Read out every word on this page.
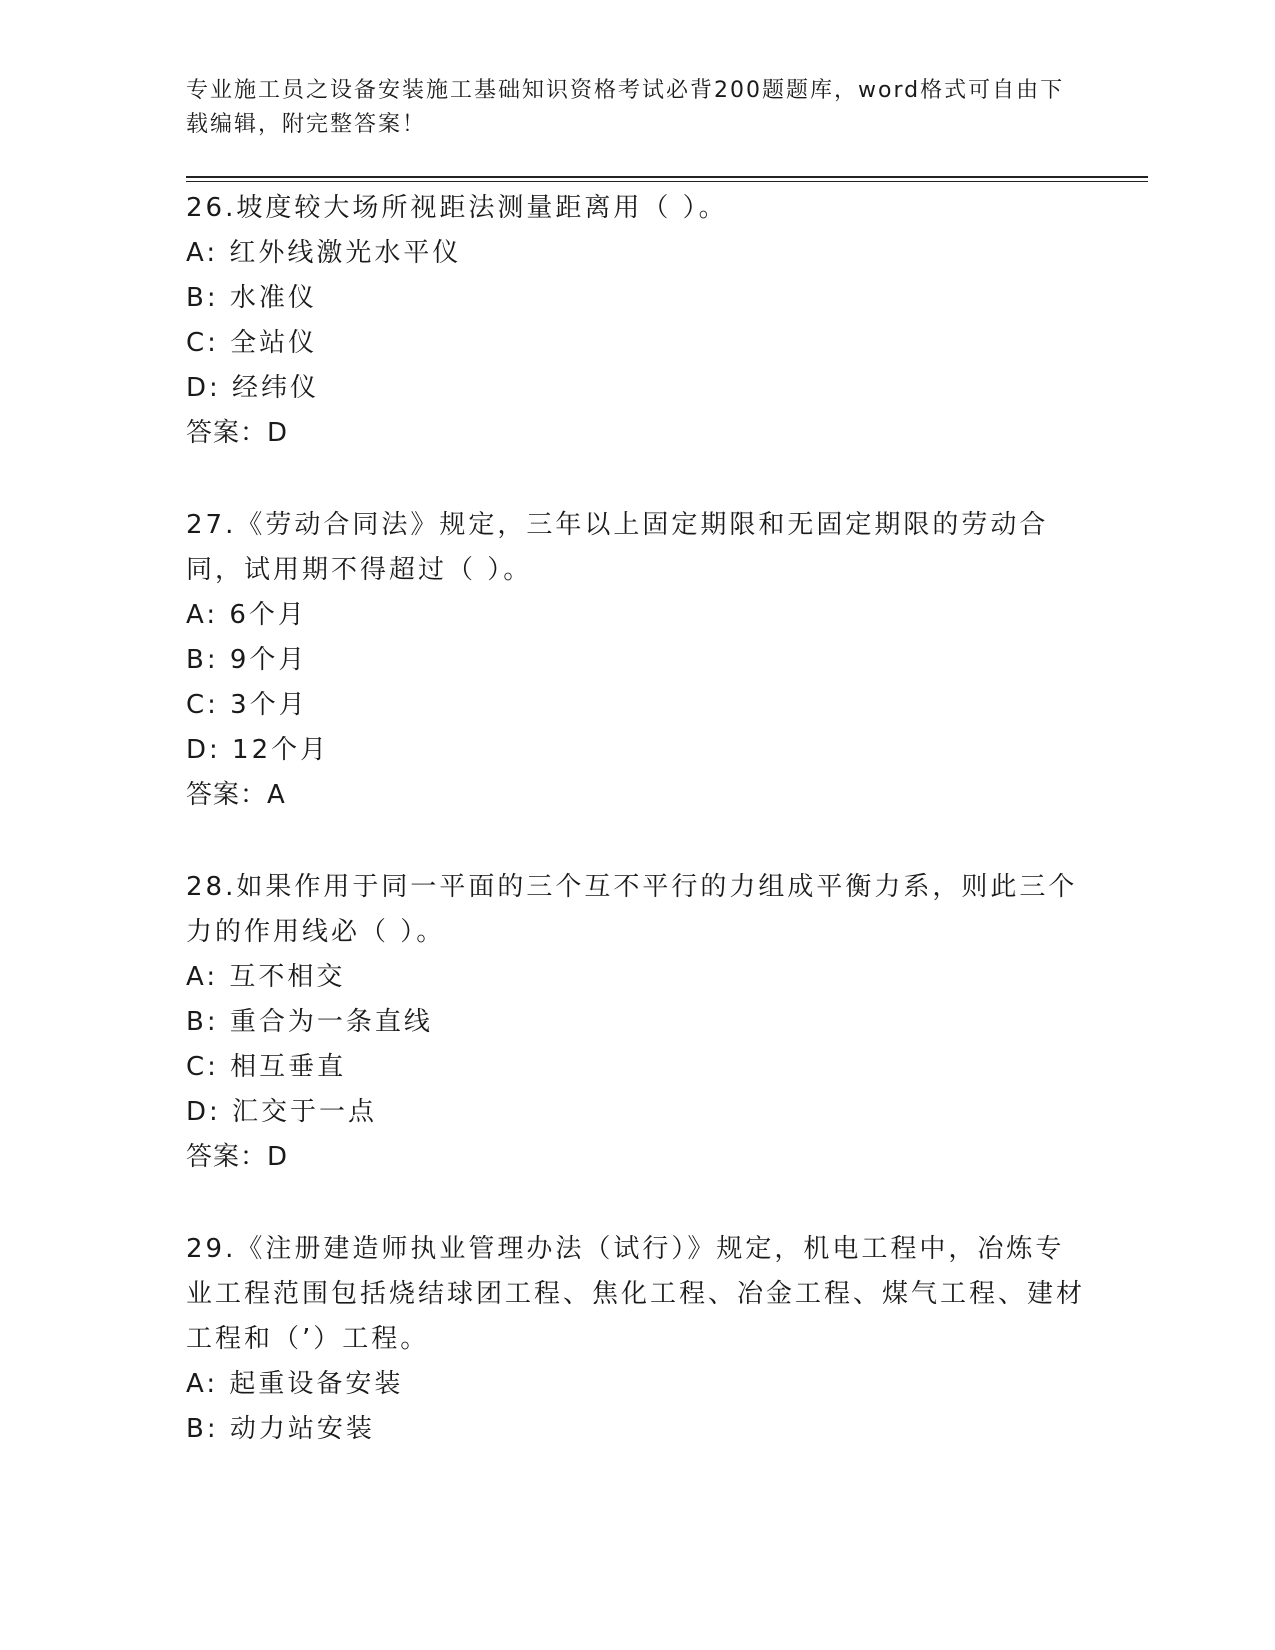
专业施工员之设备安装施工基础知识资格考试必背200题题库，word格式可自由下载编辑，附完整答案！
26.坡度较大场所视距法测量距离用（ ）。
A: 红外线激光水平仪
B: 水准仪
C: 全站仪
D: 经纬仪
答案：D
27.《劳动合同法》规定，三年以上固定期限和无固定期限的劳动合同，试用期不得超过（ ）。
A: 6个月
B: 9个月
C: 3个月
D: 12个月
答案：A
28.如果作用于同一平面的三个互不平行的力组成平衡力系，则此三个力的作用线必（ ）。
A: 互不相交
B: 重合为一条直线
C: 相互垂直
D: 汇交于一点
答案：D
29.《注册建造师执业管理办法（试行）》规定，机电工程中，冶炼专业工程范围包括烧结球团工程、焦化工程、冶金工程、煤气工程、建材工程和（’）工程。
A: 起重设备安装
B: 动力站安装
